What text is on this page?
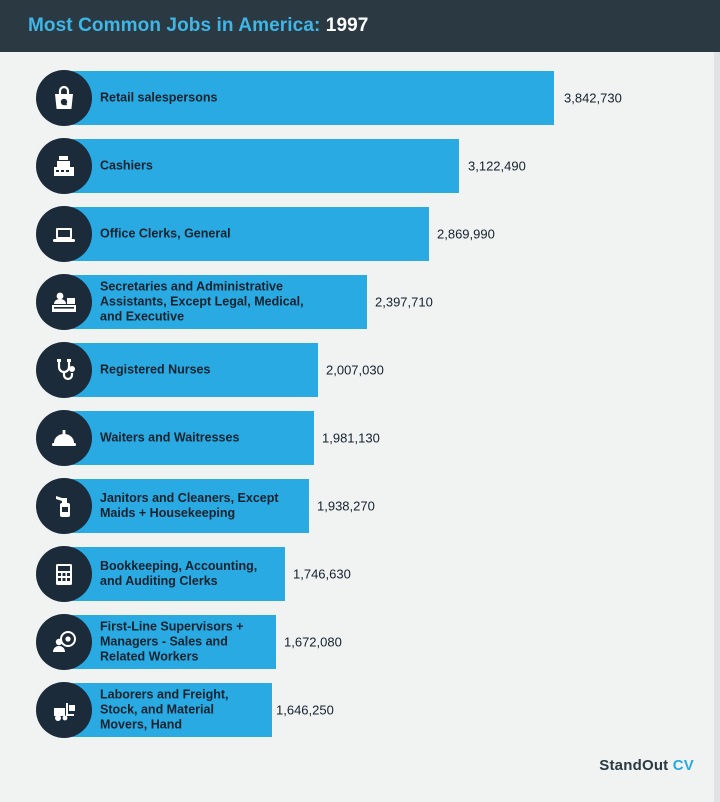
Most Common Jobs in America: 1997
Retail salespersons	3,842,730
Cashiers	3,122,490
Office Clerks, General	2,869,990
Secretaries and Administrative
Assistants, Except Legal, Medical,
and Executive
2,397,710
Registered Nurses	2,007,030
Waiters and Waitresses	1,981,130
Janitors and Cleaners, Except
Maids + Housekeeping	1,938,270
Bookkeeping, Accounting,
and Auditing Clerks	1,746,630
First-Line Supervisors +
Managers - Sales and
Related Workers
1,672,080
Laborers and Freight,
Stock, and Material
Movers, Hand
1,646,250
StandOut CV
